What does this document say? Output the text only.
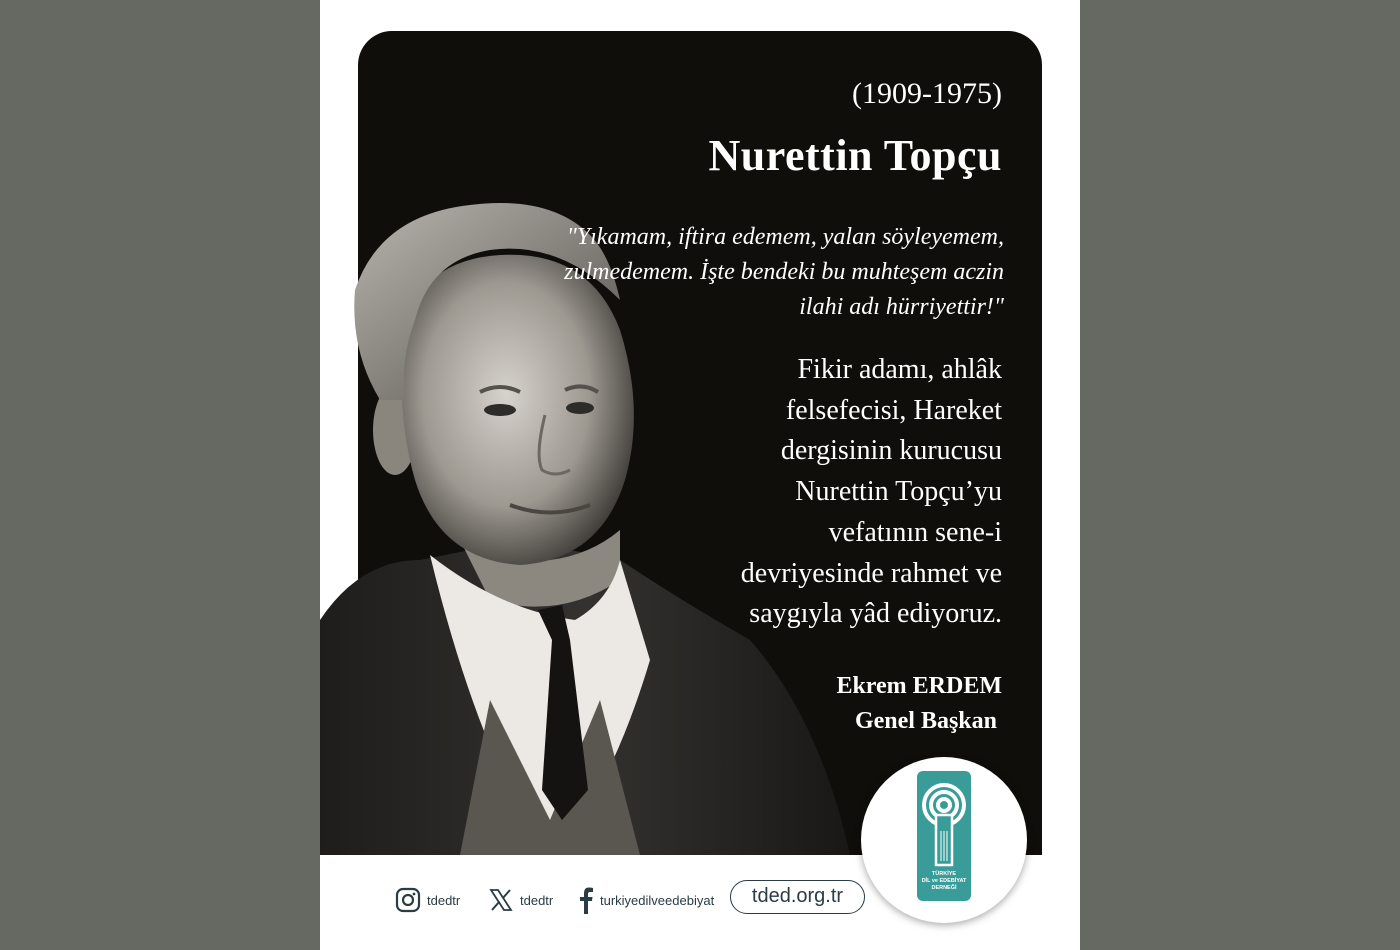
(1909-1975)
Nurettin Topçu
"Yıkamam, iftira edemem, yalan söyleyemem,
zulmedemem. İşte bendeki bu muhteşem aczin
ilahi adı hürriyettir!"
Fikir adamı, ahlâk
felsefecisi, Hareket
dergisinin kurucusu
Nurettin Topçu’yu
vefatının sene-i
devriyesinde rahmet ve
saygıyla yâd ediyoruz.
Ekrem ERDEM
Genel Başkan
tdedtr	tdedtr	turkiyedilveedebiyat	tded.org.tr
TÜRKİYE
DİL ve EDEBİYAT
DERNEĞİ
